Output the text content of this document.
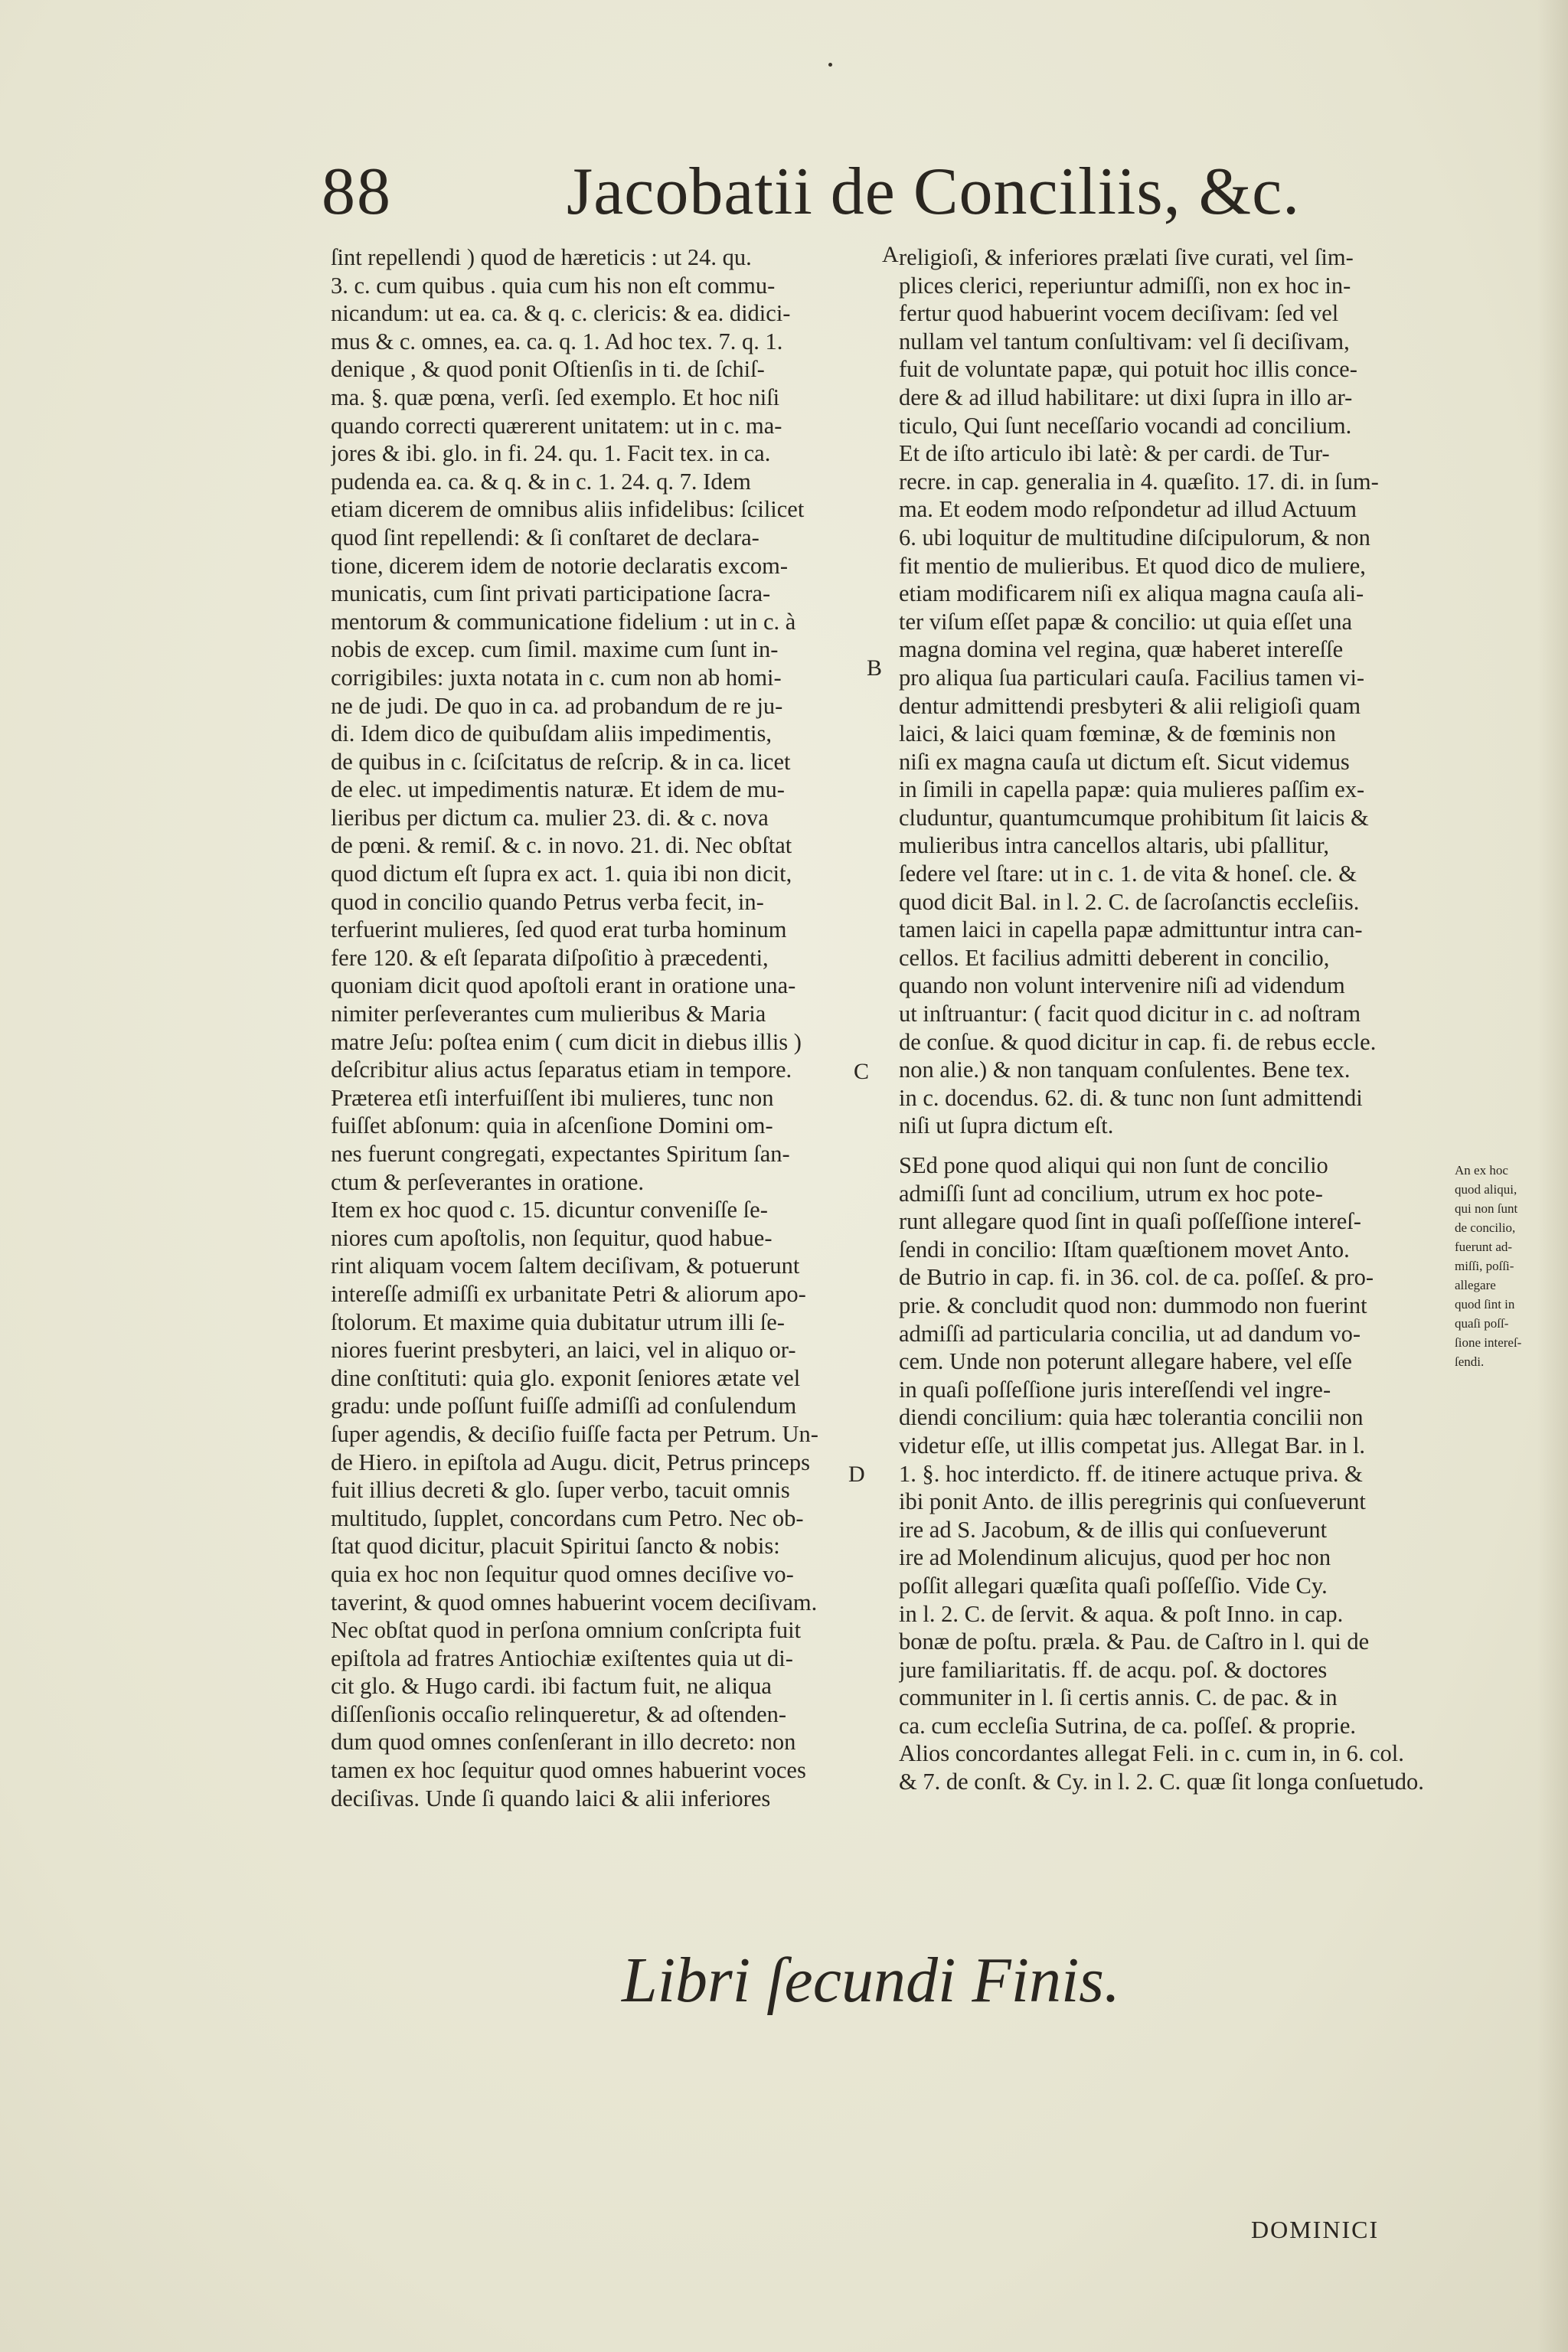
88	Jacobatii de Conciliis, &c.
A
B
C
D
ſint repellendi ) quod de hæreticis : ut 24. qu.
3. c. cum quibus . quia cum his non eſt commu-
nicandum: ut ea. ca. & q. c. clericis: & ea. didici-
mus & c. omnes, ea. ca. q. 1. Ad hoc tex. 7. q. 1.
denique , & quod ponit Oſtienſis in ti. de ſchiſ-
ma. §. quæ pœna, verſi. ſed exemplo. Et hoc niſi
quando correcti quærerent unitatem: ut in c. ma-
jores & ibi. glo. in fi. 24. qu. 1. Facit tex. in ca.
pudenda ea. ca. & q. & in c. 1. 24. q. 7. Idem
etiam dicerem de omnibus aliis infidelibus: ſcilicet
quod ſint repellendi: & ſi conſtaret de declara-
tione, dicerem idem de notorie declaratis excom-
municatis, cum ſint privati participatione ſacra-
mentorum & communicatione fidelium : ut in c. à
nobis de excep. cum ſimil. maxime cum ſunt in-
corrigibiles: juxta notata in c. cum non ab homi-
ne de judi. De quo in ca. ad probandum de re ju-
di. Idem dico de quibuſdam aliis impedimentis,
de quibus in c. ſciſcitatus de reſcrip. & in ca. licet
de elec. ut impedimentis naturæ. Et idem de mu-
lieribus per dictum ca. mulier 23. di. & c. nova
de pœni. & remiſ. & c. in novo. 21. di. Nec obſtat
quod dictum eſt ſupra ex act. 1. quia ibi non dicit,
quod in concilio quando Petrus verba fecit, in-
terfuerint mulieres, ſed quod erat turba hominum
fere 120. & eſt ſeparata diſpoſitio à præcedenti,
quoniam dicit quod apoſtoli erant in oratione una-
nimiter perſeverantes cum mulieribus & Maria
matre Jeſu: poſtea enim ( cum dicit in diebus illis )
deſcribitur alius actus ſeparatus etiam in tempore.
Præterea etſi interfuiſſent ibi mulieres, tunc non
fuiſſet abſonum: quia in aſcenſione Domini om-
nes fuerunt congregati, expectantes Spiritum ſan-
ctum & perſeverantes in oratione.
Item ex hoc quod c. 15. dicuntur conveniſſe ſe-
niores cum apoſtolis, non ſequitur, quod habue-
rint aliquam vocem ſaltem deciſivam, & potuerunt
intereſſe admiſſi ex urbanitate Petri & aliorum apo-
ſtolorum. Et maxime quia dubitatur utrum illi ſe-
niores fuerint presbyteri, an laici, vel in aliquo or-
dine conſtituti: quia glo. exponit ſeniores ætate vel
gradu: unde poſſunt fuiſſe admiſſi ad conſulendum
ſuper agendis, & deciſio fuiſſe facta per Petrum. Un-
de Hiero. in epiſtola ad Augu. dicit, Petrus princeps
fuit illius decreti & glo. ſuper verbo, tacuit omnis
multitudo, ſupplet, concordans cum Petro. Nec ob-
ſtat quod dicitur, placuit Spiritui ſancto & nobis:
quia ex hoc non ſequitur quod omnes deciſive vo-
taverint, & quod omnes habuerint vocem deciſivam.
Nec obſtat quod in perſona omnium conſcripta fuit
epiſtola ad fratres Antiochiæ exiſtentes quia ut di-
cit glo. & Hugo cardi. ibi factum fuit, ne aliqua
diſſenſionis occaſio relinqueretur, & ad oſtenden-
dum quod omnes conſenſerant in illo decreto: non
tamen ex hoc ſequitur quod omnes habuerint voces
deciſivas. Unde ſi quando laici & alii inferiores
religioſi, & inferiores prælati ſive curati, vel ſim-
plices clerici, reperiuntur admiſſi, non ex hoc in-
fertur quod habuerint vocem deciſivam: ſed vel
nullam vel tantum conſultivam: vel ſi deciſivam,
fuit de voluntate papæ, qui potuit hoc illis conce-
dere & ad illud habilitare: ut dixi ſupra in illo ar-
ticulo, Qui ſunt neceſſario vocandi ad concilium.
Et de iſto articulo ibi latè: & per cardi. de Tur-
recre. in cap. generalia in 4. quæſito. 17. di. in ſum-
ma. Et eodem modo reſpondetur ad illud Actuum
6. ubi loquitur de multitudine diſcipulorum, & non
fit mentio de mulieribus. Et quod dico de muliere,
etiam modificarem niſi ex aliqua magna cauſa ali-
ter viſum eſſet papæ & concilio: ut quia eſſet una
magna domina vel regina, quæ haberet intereſſe
pro aliqua ſua particulari cauſa. Facilius tamen vi-
dentur admittendi presbyteri & alii religioſi quam
laici, & laici quam fœminæ, & de fœminis non
niſi ex magna cauſa ut dictum eſt. Sicut videmus
in ſimili in capella papæ: quia mulieres paſſim ex-
cluduntur, quantumcumque prohibitum ſit laicis &
mulieribus intra cancellos altaris, ubi pſallitur,
ſedere vel ſtare: ut in c. 1. de vita & honeſ. cle. &
quod dicit Bal. in l. 2. C. de ſacroſanctis eccleſiis.
tamen laici in capella papæ admittuntur intra can-
cellos. Et facilius admitti deberent in concilio,
quando non volunt intervenire niſi ad videndum
ut inſtruantur: ( facit quod dicitur in c. ad noſtram
de conſue. & quod dicitur in cap. fi. de rebus eccle.
non alie.) & non tanquam conſulentes. Bene tex.
in c. docendus. 62. di. & tunc non ſunt admittendi
niſi ut ſupra dictum eſt.
SEd pone quod aliqui qui non ſunt de concilio
admiſſi ſunt ad concilium, utrum ex hoc pote-
runt allegare quod ſint in quaſi poſſeſſione intereſ-
ſendi in concilio: Iſtam quæſtionem movet Anto.
de Butrio in cap. fi. in 36. col. de ca. poſſeſ. & pro-
prie. & concludit quod non: dummodo non fuerint
admiſſi ad particularia concilia, ut ad dandum vo-
cem. Unde non poterunt allegare habere, vel eſſe
in quaſi poſſeſſione juris intereſſendi vel ingre-
diendi concilium: quia hæc tolerantia concilii non
videtur eſſe, ut illis competat jus. Allegat Bar. in l.
1. §. hoc interdicto. ff. de itinere actuque priva. &
ibi ponit Anto. de illis peregrinis qui conſueverunt
ire ad S. Jacobum, & de illis qui conſueverunt
ire ad Molendinum alicujus, quod per hoc non
poſſit allegari quæſita quaſi poſſeſſio. Vide Cy.
in l. 2. C. de ſervit. & aqua. & poſt Inno. in cap.
bonæ de poſtu. præla. & Pau. de Caſtro in l. qui de
jure familiaritatis. ff. de acqu. poſ. & doctores
communiter in l. ſi certis annis. C. de pac. & in
ca. cum eccleſia Sutrina, de ca. poſſeſ. & proprie.
Alios concordantes allegat Feli. in c. cum in, in 6. col.
& 7. de conſt. & Cy. in l. 2. C. quæ ſit longa conſuetudo.
An ex hoc
quod aliqui,
qui non ſunt
de concilio,
fuerunt ad-
miſſi, poſſi-
allegare
quod ſint in
quaſi poſſ-
ſione intereſ-
ſendi.
Libri ſecundi Finis.
DOMINICI
